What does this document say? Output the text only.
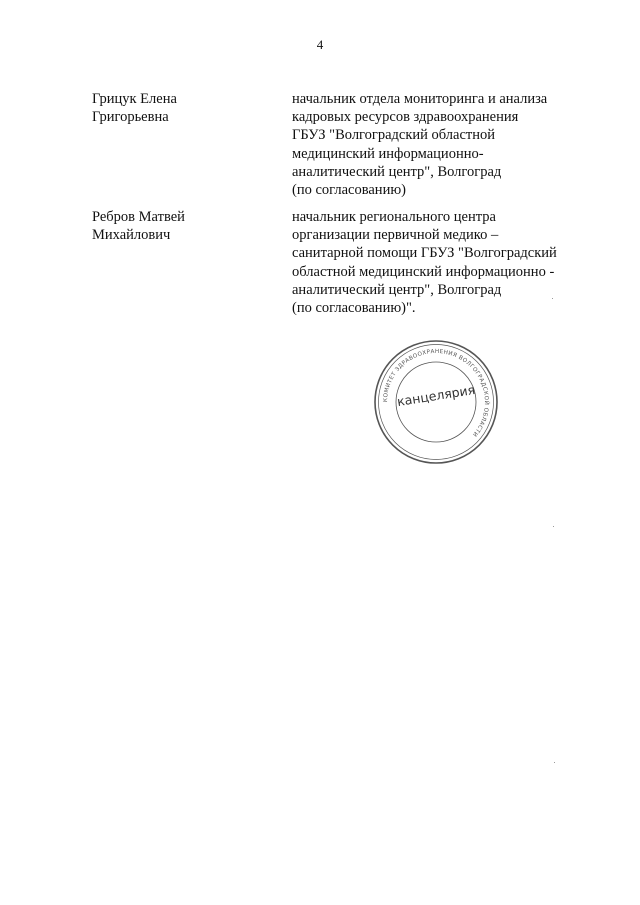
4
Грицук Елена
Григорьевна
начальник отдела мониторинга и анализа
кадровых ресурсов здравоохранения
ГБУЗ "Волгоградский областной
медицинский информационно-
аналитический центр", Волгоград
(по согласованию)
Ребров Матвей
Михайлович
начальник регионального центра
организации первичной медико –
санитарной помощи ГБУЗ "Волгоградский
областной медицинский информационно -
аналитический центр", Волгоград
(по согласованию)".
КОМИТЕТ ЗДРАВООХРАНЕНИЯ ВОЛГОГРАДСКОЙ ОБЛАСТИ
канцелярия
